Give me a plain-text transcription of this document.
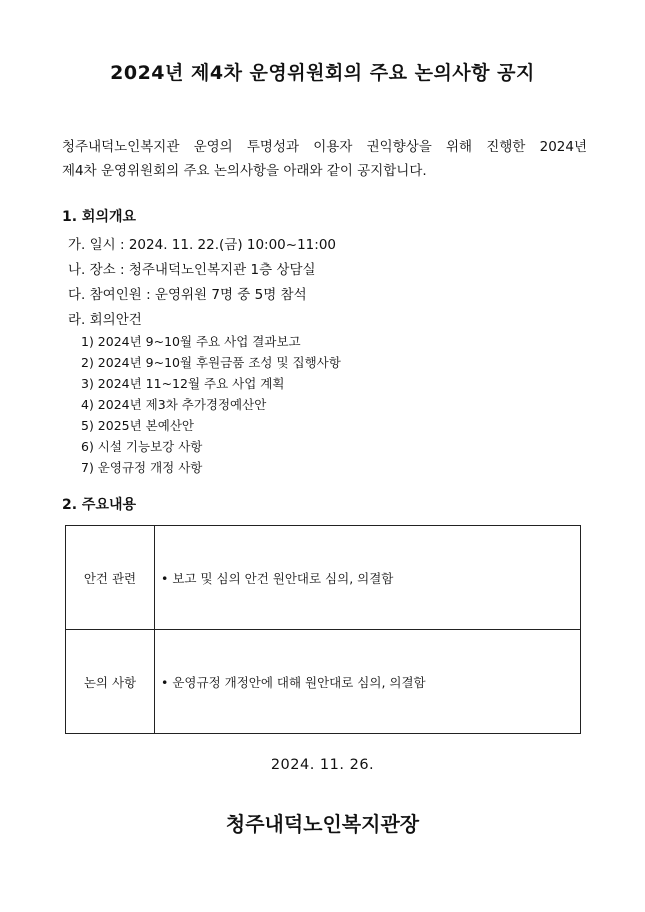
2024년 제4차 운영위원회의 주요 논의사항 공지
청주내덕노인복지관 운영의 투명성과 이용자 권익향상을 위해 진행한 2024년
제4차 운영위원회의 주요 논의사항을 아래와 같이 공지합니다.
1. 회의개요
가. 일시 : 2024. 11. 22.(금) 10:00~11:00
나. 장소 : 청주내덕노인복지관 1층 상담실
다. 참여인원 : 운영위원 7명 중 5명 참석
라. 회의안건
1) 2024년 9~10월 주요 사업 결과보고
2) 2024년 9~10월 후원금품 조성 및 집행사항
3) 2024년 11~12월 주요 사업 계획
4) 2024년 제3차 추가경정예산안
5) 2025년 본예산안
6) 시설 기능보강 사항
7) 운영규정 개정 사항
2. 주요내용
안건 관련	• 보고 및 심의 안건 원안대로 심의, 의결함
논의 사항	• 운영규정 개정안에 대해 원안대로 심의, 의결함
2024. 11. 26.
청주내덕노인복지관장
